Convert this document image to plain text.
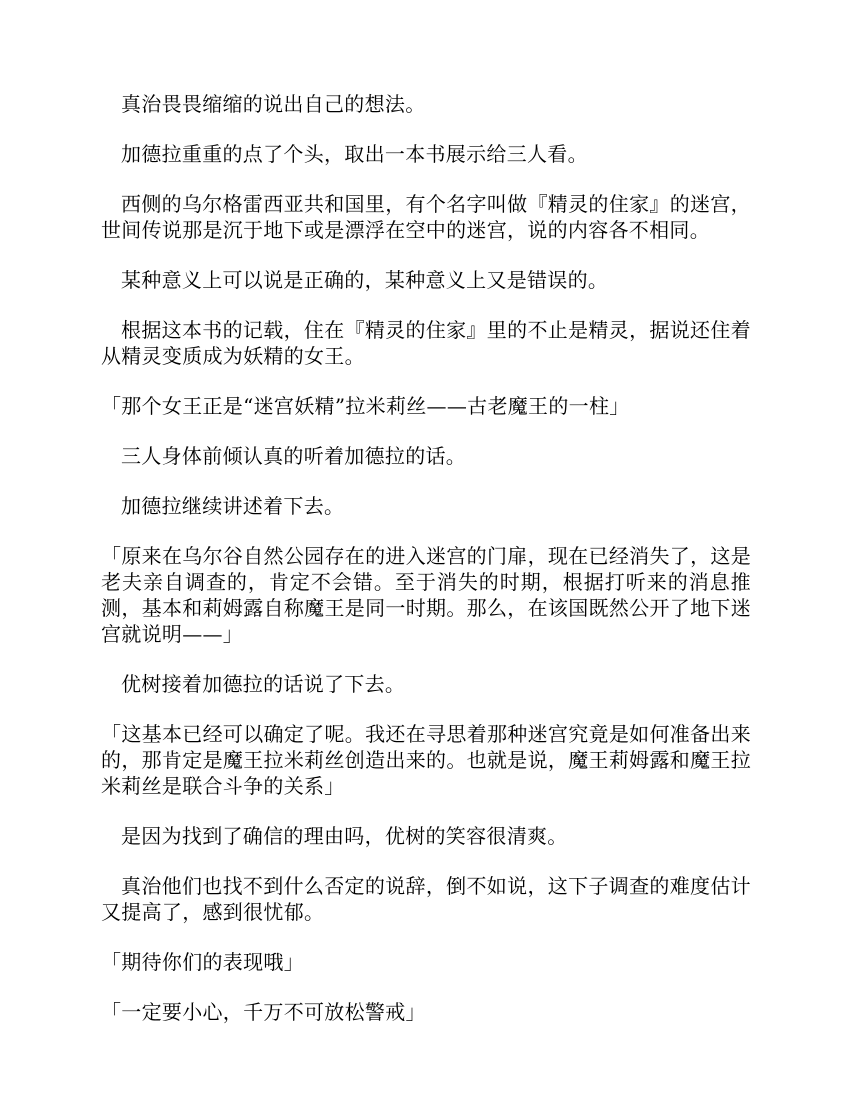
真治畏畏缩缩的说出自己的想法。

加德拉重重的点了个头，取出一本书展示给三人看。

西侧的乌尔格雷西亚共和国里，有个名字叫做『精灵的住家』的迷宫，世间传说那是沉于地下或是漂浮在空中的迷宫，说的内容各不相同。

某种意义上可以说是正确的，某种意义上又是错误的。

根据这本书的记载，住在『精灵的住家』里的不止是精灵，据说还住着从精灵变质成为妖精的女王。

「那个女王正是“迷宫妖精”拉米莉丝——古老魔王的一柱」

三人身体前倾认真的听着加德拉的话。

加德拉继续讲述着下去。

「原来在乌尔谷自然公园存在的进入迷宫的门扉，现在已经消失了，这是老夫亲自调查的，肯定不会错。至于消失的时期，根据打听来的消息推测，基本和莉姆露自称魔王是同一时期。那么，在该国既然公开了地下迷宫就说明——」

优树接着加德拉的话说了下去。

「这基本已经可以确定了呢。我还在寻思着那种迷宫究竟是如何准备出来的，那肯定是魔王拉米莉丝创造出来的。也就是说，魔王莉姆露和魔王拉米莉丝是联合斗争的关系」

是因为找到了确信的理由吗，优树的笑容很清爽。

真治他们也找不到什么否定的说辞，倒不如说，这下子调查的难度估计又提高了，感到很忧郁。

「期待你们的表现哦」

「一定要小心，千万不可放松警戒」
